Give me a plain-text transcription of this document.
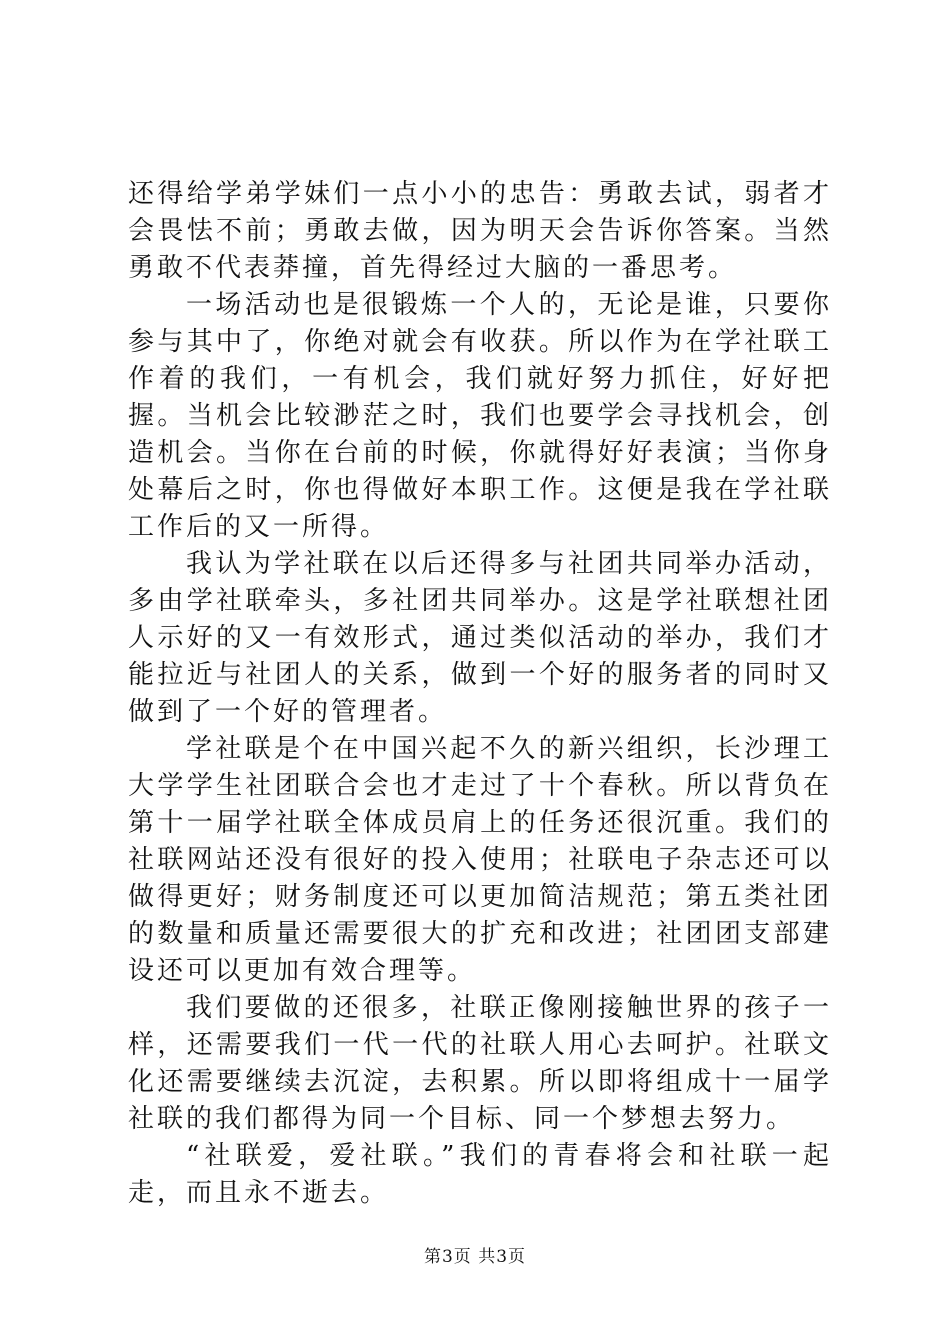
还得给学弟学妹们一点小小的忠告：勇敢去试，弱者才会畏怯不前；勇敢去做，因为明天会告诉你答案。当然勇敢不代表莽撞，首先得经过大脑的一番思考。

一场活动也是很锻炼一个人的，无论是谁，只要你参与其中了，你绝对就会有收获。所以作为在学社联工作着的我们，一有机会，我们就好努力抓住，好好把握。当机会比较渺茫之时，我们也要学会寻找机会，创造机会。当你在台前的时候，你就得好好表演；当你身处幕后之时，你也得做好本职工作。这便是我在学社联工作后的又一所得。

我认为学社联在以后还得多与社团共同举办活动，多由学社联牵头，多社团共同举办。这是学社联想社团人示好的又一有效形式，通过类似活动的举办，我们才能拉近与社团人的关系，做到一个好的服务者的同时又做到了一个好的管理者。

学社联是个在中国兴起不久的新兴组织，长沙理工大学学生社团联合会也才走过了十个春秋。所以背负在第十一届学社联全体成员肩上的任务还很沉重。我们的社联网站还没有很好的投入使用；社联电子杂志还可以做得更好；财务制度还可以更加简洁规范；第五类社团的数量和质量还需要很大的扩充和改进；社团团支部建设还可以更加有效合理等。

我们要做的还很多，社联正像刚接触世界的孩子一样，还需要我们一代一代的社联人用心去呵护。社联文化还需要继续去沉淀，去积累。所以即将组成十一届学社联的我们都得为同一个目标、同一个梦想去努力。

“社联爱，爱社联。”我们的青春将会和社联一起走，而且永不逝去。

第3页 共3页
